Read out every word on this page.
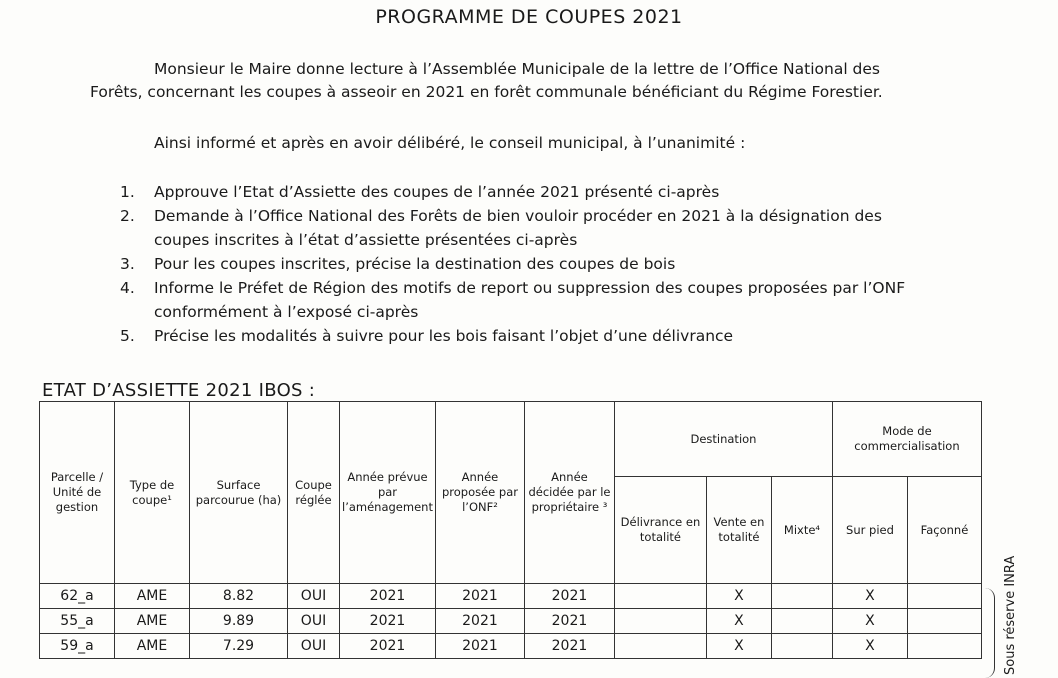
PROGRAMME DE COUPES 2021
Monsieur le Maire donne lecture à l’Assemblée Municipale de la lettre de l’Office National des Forêts, concernant les coupes à asseoir en 2021 en forêt communale bénéficiant du Régime Forestier.
Ainsi informé et après en avoir délibéré, le conseil municipal, à l’unanimité :
1. Approuve l’Etat d’Assiette des coupes de l’année 2021 présenté ci-après
2. Demande à l’Office National des Forêts de bien vouloir procéder en 2021 à la désignation des coupes inscrites à l’état d’assiette présentées ci-après
3. Pour les coupes inscrites, précise la destination des coupes de bois
4. Informe le Préfet de Région des motifs de report ou suppression des coupes proposées par l’ONF conformément à l’exposé ci-après
5. Précise les modalités à suivre pour les bois faisant l’objet d’une délivrance
ETAT D’ASSIETTE 2021 IBOS :
Parcelle / Unité de gestion	Type de coupe¹	Surface parcourue (ha)	Coupe réglée	Année prévue par l’aménagement	Année proposée par l’ONF²	Année décidée par le propriétaire ³	Destination			Mode de commercialisation	
							Délivrance en totalité	Vente en totalité	Mixte⁴	Sur pied	Façonné
62_a	AME	8.82	OUI	2021	2021	2021		X		X	
55_a	AME	9.89	OUI	2021	2021	2021		X		X	
59_a	AME	7.29	OUI	2021	2021	2021		X		X		Sous réserve INRA
